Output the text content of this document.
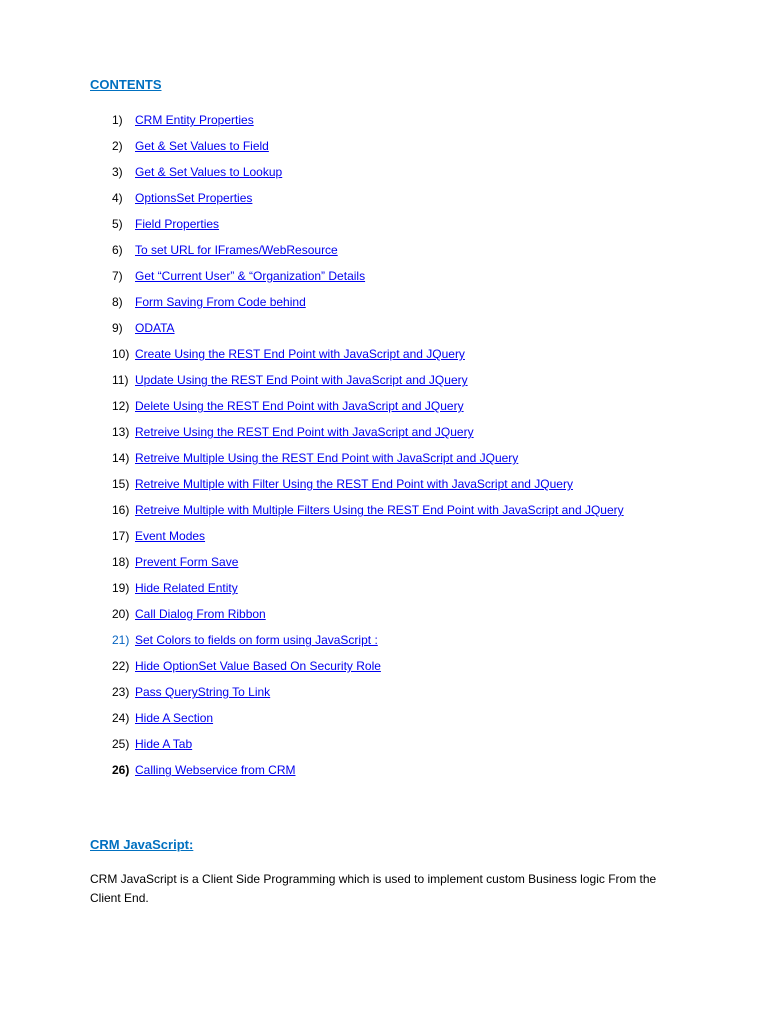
CONTENTS
1)	CRM Entity Properties
2)	Get & Set Values to Field
3)	Get & Set Values to Lookup
4)	OptionsSet Properties
5)	Field Properties
6)	To set URL for IFrames/WebResource
7)	Get “Current User” & “Organization” Details
8)	Form Saving From Code behind
9)	ODATA
10) Create Using the REST End Point with JavaScript and JQuery
11) Update Using the REST End Point with JavaScript and JQuery
12) Delete Using the REST End Point with JavaScript and JQuery
13) Retreive Using the REST End Point with JavaScript and JQuery
14) Retreive Multiple Using the REST End Point with JavaScript and JQuery
15) Retreive Multiple with Filter Using the REST End Point with JavaScript and JQuery
16) Retreive Multiple with Multiple Filters Using the REST End Point with JavaScript and JQuery
17) Event Modes
18) Prevent Form Save
19) Hide Related Entity
20) Call Dialog From Ribbon
21) Set Colors to fields on form using JavaScript :
22) Hide OptionSet Value Based On Security Role
23) Pass QueryString To Link
24) Hide A Section
25) Hide A Tab
26) Calling Webservice from CRM
CRM JavaScript:

CRM JavaScript is a Client Side Programming which is used to implement custom Business logic From the Client End.
